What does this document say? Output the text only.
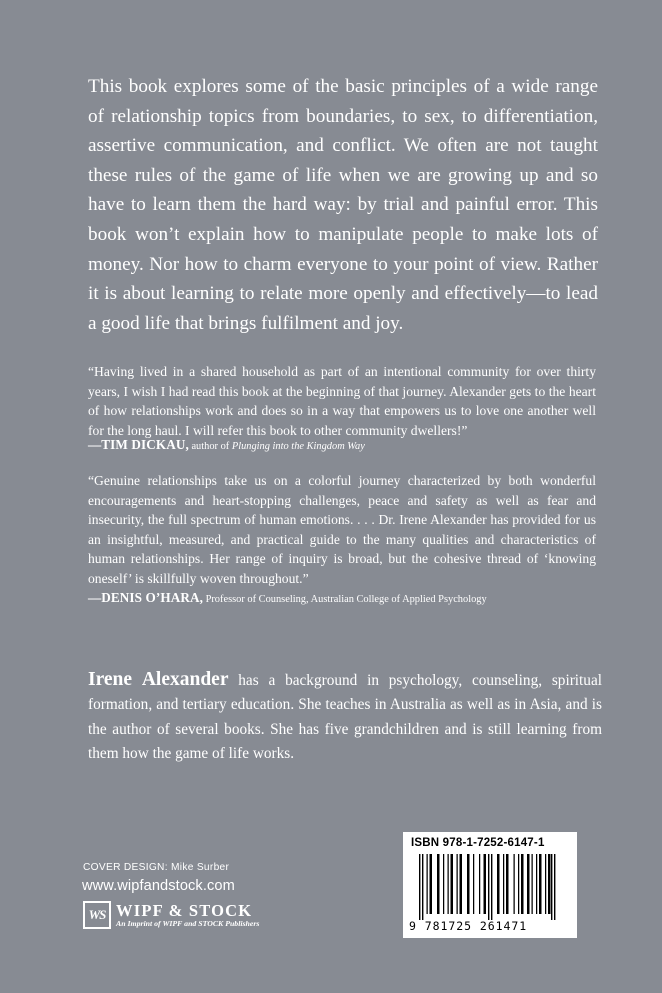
This book explores some of the basic principles of a wide range of relationship topics from boundaries, to sex, to differentiation, assertive communication, and conflict. We often are not taught these rules of the game of life when we are growing up and so have to learn them the hard way: by trial and painful error. This book won’t explain how to manipulate people to make lots of money. Nor how to charm everyone to your point of view. Rather it is about learning to relate more openly and effectively—to lead a good life that brings fulfilment and joy.

“Having lived in a shared household as part of an intentional community for over thirty years, I wish I had read this book at the beginning of that journey. Alexander gets to the heart of how relationships work and does so in a way that empowers us to love one another well for the long haul. I will refer this book to other community dwellers!”

—TIM DICKAU, author of Plunging into the Kingdom Way

“Genuine relationships take us on a colorful journey characterized by both wonderful encouragements and heart-stopping challenges, peace and safety as well as fear and insecurity, the full spectrum of human emotions. . . . Dr. Irene Alexander has provided for us an insightful, measured, and practical guide to the many qualities and characteristics of human relationships. Her range of inquiry is broad, but the cohesive thread of ‘knowing oneself’ is skillfully woven throughout.”

—DENIS O’HARA, Professor of Counseling, Australian College of Applied Psychology

Irene Alexander has a background in psychology, counseling, spiritual formation, and tertiary education. She teaches in Australia as well as in Asia, and is the author of several books. She has five grandchildren and is still learning from them how the game of life works.

COVER DESIGN: Mike Surber
www.wipfandstock.com
WS WIPF & STOCK
An Imprint of WIPF and STOCK Publishers
ISBN 978-1-7252-6147-1
9 781725 261471
